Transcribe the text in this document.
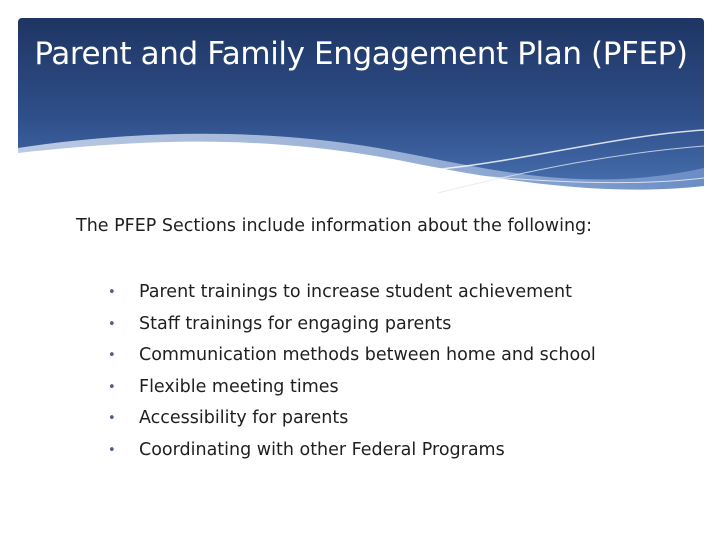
Parent and Family Engagement Plan (PFEP)
The PFEP Sections include information about the following:
• Parent trainings to increase student achievement
• Staff trainings for engaging parents
• Communication methods between home and school
• Flexible meeting times
• Accessibility for parents
• Coordinating with other Federal Programs
